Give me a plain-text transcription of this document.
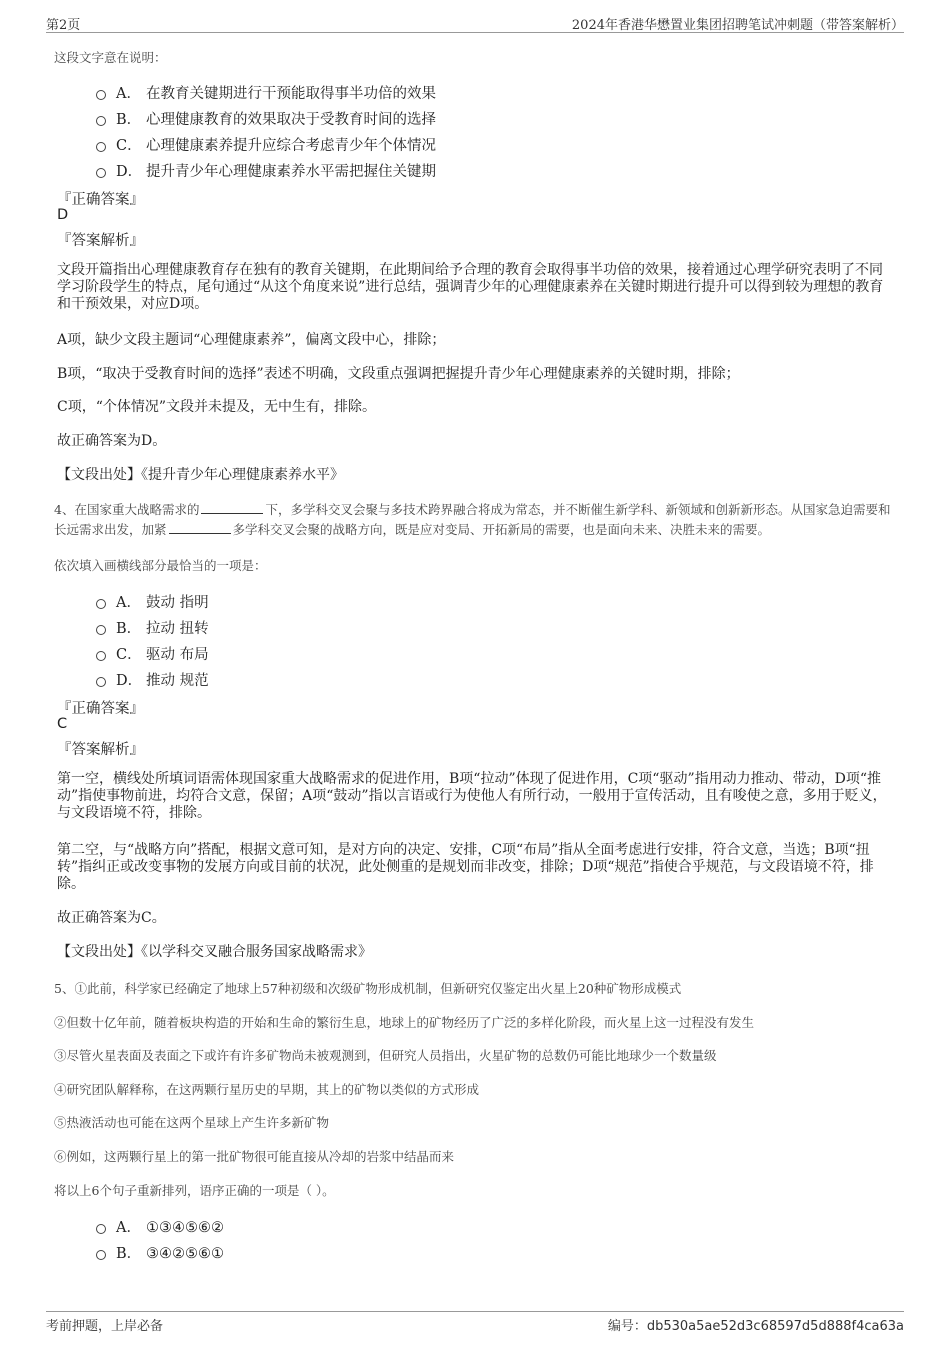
第2页	2024年香港华懋置业集团招聘笔试冲刺题（带答案解析）
这段文字意在说明：
A． 在教育关键期进行干预能取得事半功倍的效果
B． 心理健康教育的效果取决于受教育时间的选择
C． 心理健康素养提升应综合考虑青少年个体情况
D． 提升青少年心理健康素养水平需把握住关键期
『正确答案』
D
『答案解析』
文段开篇指出心理健康教育存在独有的教育关键期，在此期间给予合理的教育会取得事半功倍的效果，接着通过心理学研究表明了不同学习阶段学生的特点，尾句通过“从这个角度来说”进行总结，强调青少年的心理健康素养在关键时期进行提升可以得到较为理想的教育和干预效果，对应D项。
A项，缺少文段主题词“心理健康素养”，偏离文段中心，排除；
B项，“取决于受教育时间的选择”表述不明确，文段重点强调把握提升青少年心理健康素养的关键时期，排除；
C项，“个体情况”文段并未提及，无中生有，排除。
故正确答案为D。
【文段出处】《提升青少年心理健康素养水平》
4、在国家重大战略需求的	下，多学科交叉会聚与多技术跨界融合将成为常态，并不断催生新学科、新领域和创新新形态。从国家急迫需要和长远需求出发，加紧	多学科交叉会聚的战略方向，既是应对变局、开拓新局的需要，也是面向未来、决胜未来的需要。
依次填入画横线部分最恰当的一项是：
A． 鼓动 指明
B． 拉动 扭转
C． 驱动 布局
D． 推动 规范
『正确答案』
C
『答案解析』
第一空，横线处所填词语需体现国家重大战略需求的促进作用，B项“拉动”体现了促进作用，C项“驱动”指用动力推动、带动，D项“推动”指使事物前进，均符合文意，保留；A项“鼓动”指以言语或行为使他人有所行动，一般用于宣传活动，且有唆使之意，多用于贬义，与文段语境不符，排除。
第二空，与“战略方向”搭配，根据文意可知，是对方向的决定、安排，C项“布局”指从全面考虑进行安排，符合文意，当选；B项“扭转”指纠正或改变事物的发展方向或目前的状况，此处侧重的是规划而非改变，排除；D项“规范”指使合乎规范，与文段语境不符，排除。
故正确答案为C。
【文段出处】《以学科交叉融合服务国家战略需求》
5、①此前，科学家已经确定了地球上57种初级和次级矿物形成机制，但新研究仅鉴定出火星上20种矿物形成模式
②但数十亿年前，随着板块构造的开始和生命的繁衍生息，地球上的矿物经历了广泛的多样化阶段，而火星上这一过程没有发生
③尽管火星表面及表面之下或许有许多矿物尚未被观测到，但研究人员指出，火星矿物的总数仍可能比地球少一个数量级
④研究团队解释称，在这两颗行星历史的早期，其上的矿物以类似的方式形成
⑤热液活动也可能在这两个星球上产生许多新矿物
⑥例如，这两颗行星上的第一批矿物很可能直接从冷却的岩浆中结晶而来
将以上6个句子重新排列，语序正确的一项是（ ）。
A． ①③④⑤⑥②
B． ③④②⑤⑥①
考前押题，上岸必备	编号：db530a5ae52d3c68597d5d888f4ca63a
